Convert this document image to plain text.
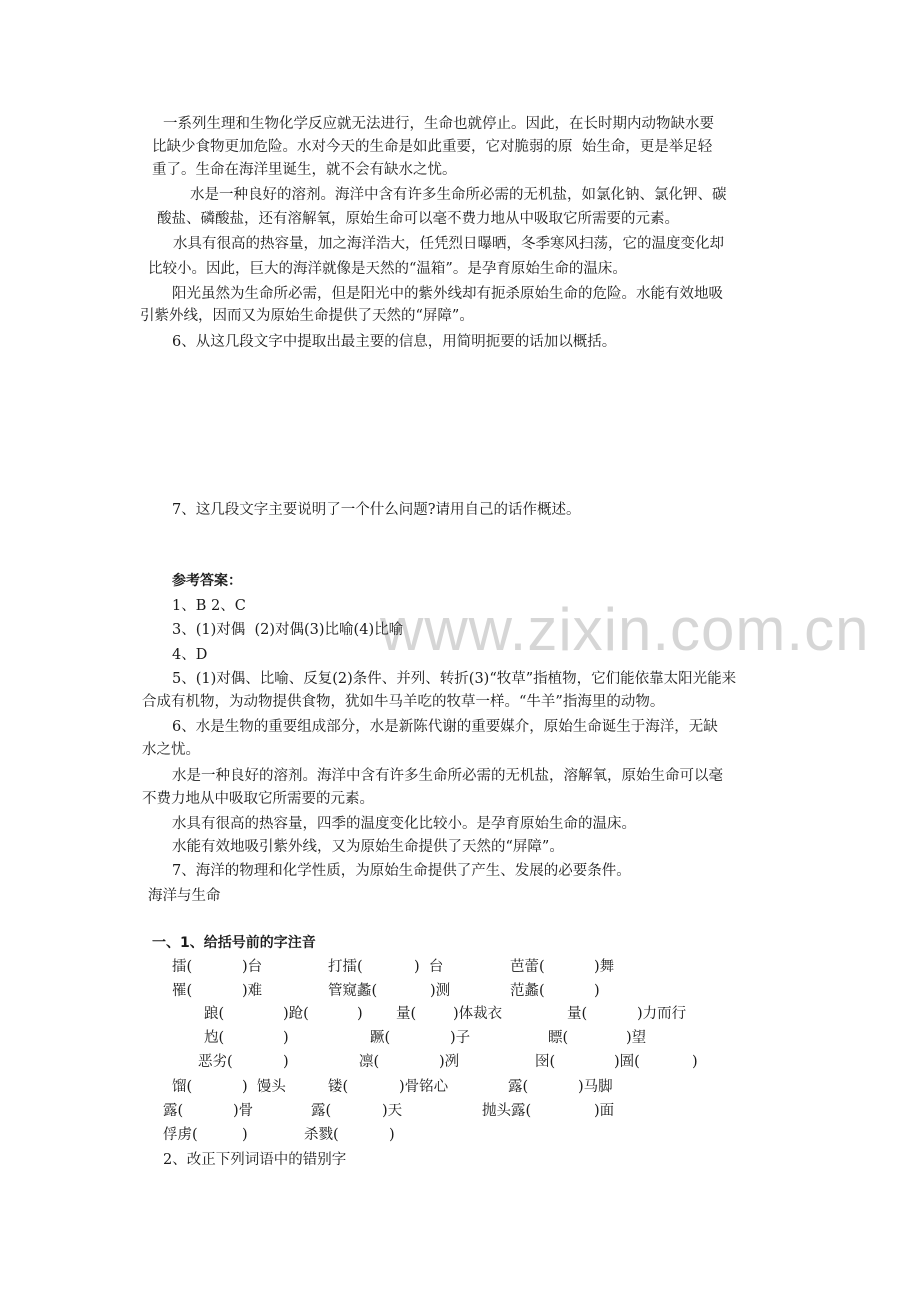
www.zixin.com.cn
一系列生理和生物化学反应就无法进行，生命也就停止。因此，在长时期内动物缺水要
比缺少食物更加危险。水对今天的生命是如此重要，它对脆弱的原  始生命，更是举足轻
重了。生命在海洋里诞生，就不会有缺水之忧。
水是一种良好的溶剂。海洋中含有许多生命所必需的无机盐，如氯化钠、氯化钾、碳
酸盐、磷酸盐，还有溶解氧，原始生命可以毫不费力地从中吸取它所需要的元素。
水具有很高的热容量，加之海洋浩大，任凭烈日曝晒，冬季寒风扫荡，它的温度变化却
比较小。因此，巨大的海洋就像是天然的“温箱”。是孕育原始生命的温床。
阳光虽然为生命所必需，但是阳光中的紫外线却有扼杀原始生命的危险。水能有效地吸
引紫外线，因而又为原始生命提供了天然的“屏障”。
6、从这几段文字中提取出最主要的信息，用简明扼要的话加以概括。
7、这几段文字主要说明了一个什么问题?请用自己的话作概述。
参考答案：
1、B 2、C
3、(1)对偶  (2)对偶(3)比喻(4)比喻
4、D
5、(1)对偶、比喻、反复(2)条件、并列、转折(3)“牧草”指植物，它们能依靠太阳光能来
合成有机物，为动物提供食物，犹如牛马羊吃的牧草一样。“牛羊”指海里的动物。
6、水是生物的重要组成部分，水是新陈代谢的重要媒介，原始生命诞生于海洋，无缺
水之忧。
水是一种良好的溶剂。海洋中含有许多生命所必需的无机盐，溶解氧，原始生命可以毫
不费力地从中吸取它所需要的元素。
水具有很高的热容量，四季的温度变化比较小。是孕育原始生命的温床。
水能有效地吸引紫外线，又为原始生命提供了天然的“屏障”。
7、海洋的物理和化学性质，为原始生命提供了产生、发展的必要条件。
海洋与生命
一、1、给括号前的字注音
擂(	)台	打擂(	)  台	芭蕾(	)舞
罹(	)难	管窥蠡(	)测	范蠡(	)
踉(	)跄(	) 量(	)体裁衣	量(	)力而行
尥(	)	蹶(	)子	瞟(	)望
恶劣(	)	凛(	)冽	囹(	)圄(	)
馏(	)  馒头	镂(	)骨铭心	露(	)马脚
露(	)骨	露(	)天	抛头露(	)面
俘虏(	)	杀戮(	)
2、改正下列词语中的错别字
